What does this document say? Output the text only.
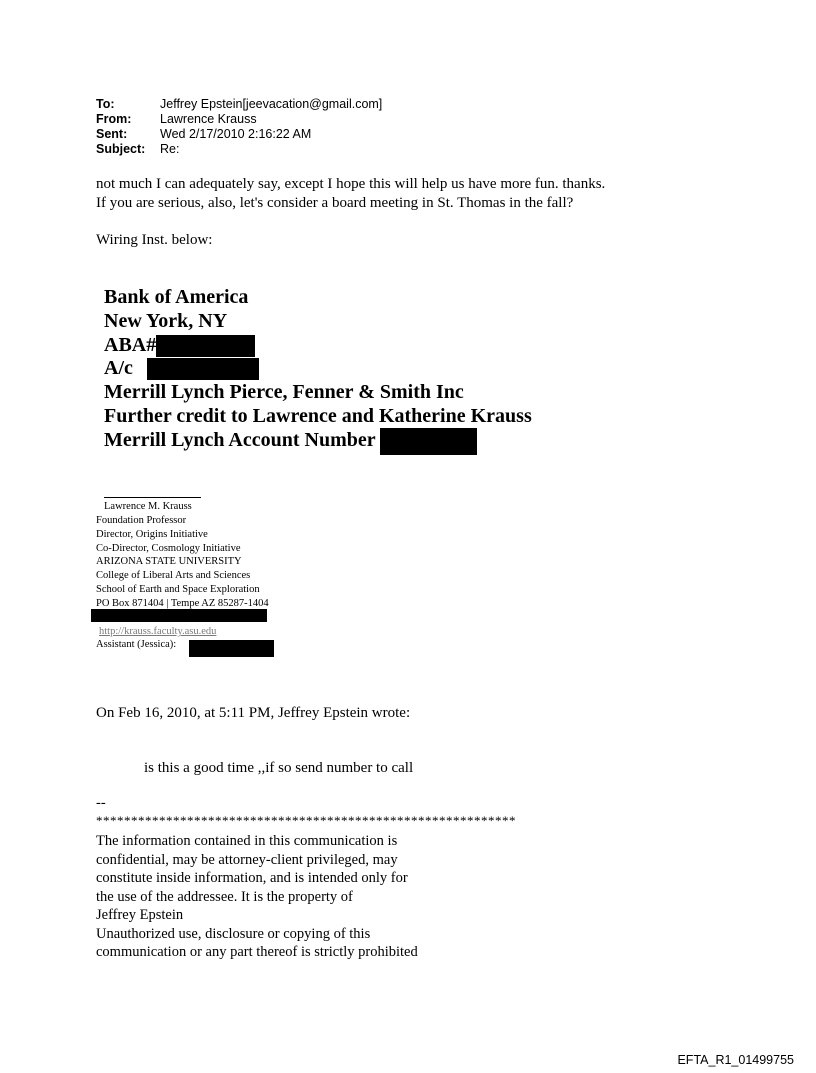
To:	Jeffrey Epstein[jeevacation@gmail.com]
From: Lawrence Krauss
Sent:	Wed 2/17/2010 2:16:22 AM
Subject: Re:
not much I can adequately say, except I hope this will help us have more fun. thanks.
If you are serious, also, let's consider a board meeting in St. Thomas in the fall?
Wiring Inst. below:
Bank of America
New York, NY
ABA#
A/c
Merrill Lynch Pierce, Fenner & Smith Inc
Further credit to Lawrence and Katherine Krauss
Merrill Lynch Account Number
Lawrence M. Krauss
Foundation Professor
Director, Origins Initiative
Co-Director, Cosmology Initiative
ARIZONA STATE UNIVERSITY
College of Liberal Arts and Sciences
School of Earth and Space Exploration
PO Box 871404 | Tempe AZ 85287-1404
http://krauss.faculty.asu.edu
Assistant (Jessica):
On Feb 16, 2010, at 5:11 PM, Jeffrey Epstein wrote:
is this a good time ,,if so send number to call
--
************************************************************
The information contained in this communication is
confidential, may be attorney-client privileged, may
constitute inside information, and is intended only for
the use of the addressee. It is the property of
Jeffrey Epstein
Unauthorized use, disclosure or copying of this
communication or any part thereof is strictly prohibited
EFTA_R1_01499755
